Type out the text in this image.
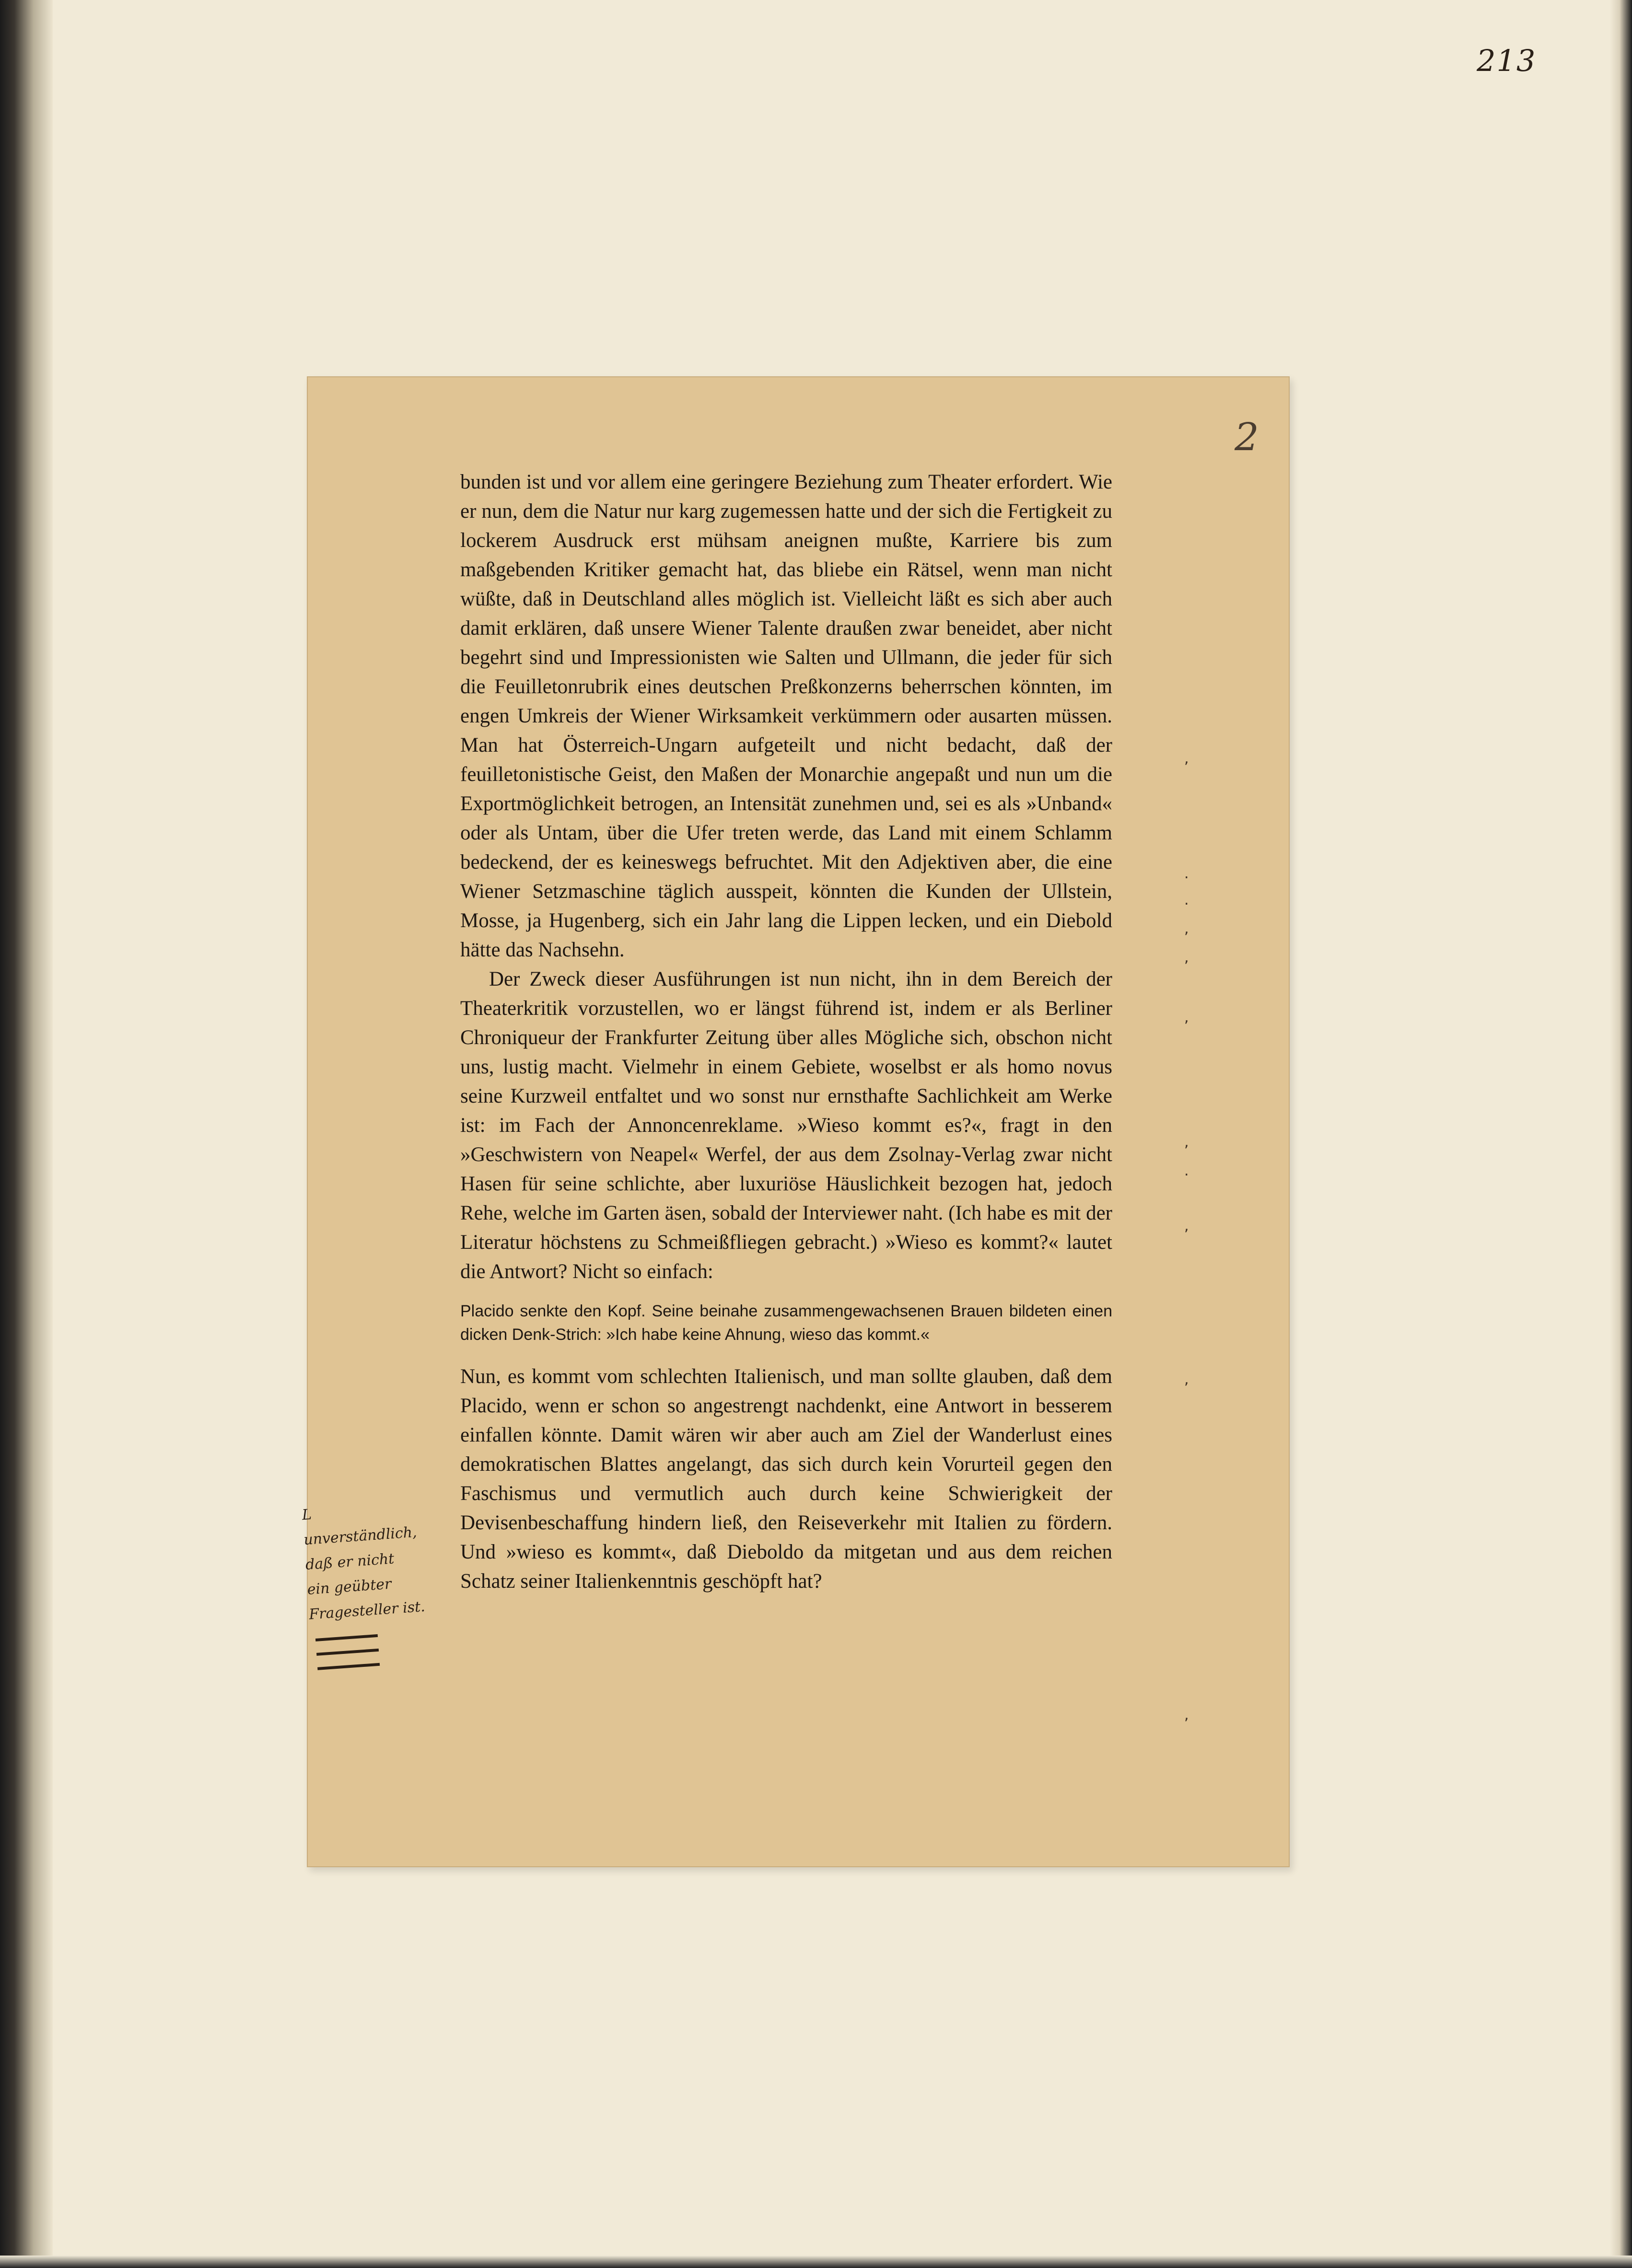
213
2

bunden ist und vor allem eine geringere Beziehung zum Theater erfordert. Wie er nun, dem die Natur nur karg zugemessen hatte und der sich die Fertigkeit zu lockerem Ausdruck erst mühsam aneignen mußte, Karriere bis zum maßgebenden Kritiker gemacht hat, das bliebe ein Rätsel, wenn man nicht wüßte, daß in Deutschland alles möglich ist. Vielleicht läßt es sich aber auch damit erklären, daß unsere Wiener Talente draußen zwar beneidet, aber nicht begehrt sind und Impressionisten wie Salten und Ullmann, die jeder für sich die Feuilletonrubrik eines deutschen Preßkonzerns beherrschen könnten, im engen Umkreis der Wiener Wirksamkeit verkümmern oder ausarten müssen. Man hat Österreich-Ungarn aufgeteilt und nicht bedacht, daß der feuilletonistische Geist, den Maßen der Monarchie angepaßt und nun um die Exportmöglichkeit betrogen, an Intensität zunehmen und, sei es als »Unband« oder als Untam, über die Ufer treten werde, das Land mit einem Schlamm bedeckend, der es keineswegs befruchtet. Mit den Adjektiven aber, die eine Wiener Setzmaschine täglich ausspeit, könnten die Kunden der Ullstein, Mosse, ja Hugenberg, sich ein Jahr lang die Lippen lecken, und ein Diebold hätte das Nachsehn.

Der Zweck dieser Ausführungen ist nun nicht, ihn in dem Bereich der Theaterkritik vorzustellen, wo er längst führend ist, indem er als Berliner Chroniqueur der Frankfurter Zeitung über alles Mögliche sich, obschon nicht uns, lustig macht. Vielmehr in einem Gebiete, woselbst er als homo novus seine Kurzweil entfaltet und wo sonst nur ernsthafte Sachlichkeit am Werke ist: im Fach der Annoncenreklame. »Wieso kommt es?«, fragt in den »Geschwistern von Neapel« Werfel, der aus dem Zsolnay-Verlag zwar nicht Hasen für seine schlichte, aber luxuriöse Häuslichkeit bezogen hat, jedoch Rehe, welche im Garten äsen, sobald der Interviewer naht. (Ich habe es mit der Literatur höchstens zu Schmeißfliegen gebracht.) »Wieso es kommt?« lautet die Antwort? Nicht so einfach:

Placido senkte den Kopf. Seine beinahe zusammengewachsenen Brauen bildeten einen dicken Denk-Strich: »Ich habe keine Ahnung, wieso das kommt.«

Nun, es kommt vom schlechten Italienisch, und man sollte glauben, daß dem Placido, wenn er schon so angestrengt nachdenkt, eine Antwort in besserem einfallen könnte. Damit wären wir aber auch am Ziel der Wanderlust eines demokratischen Blattes angelangt, das sich durch kein Vorurteil gegen den Faschismus und vermutlich auch durch keine Schwierigkeit der Devisenbeschaffung hindern ließ, den Reiseverkehr mit Italien zu fördern. Und »wieso es kommt«, daß Dieboldo da mitgetan und aus dem reichen Schatz seiner Italienkenntnis geschöpft hat?

L
unverständlich,
daß er nicht
ein geübter
Fragesteller ist.
,
.
.
,
,
,
,
.
,
,
,
